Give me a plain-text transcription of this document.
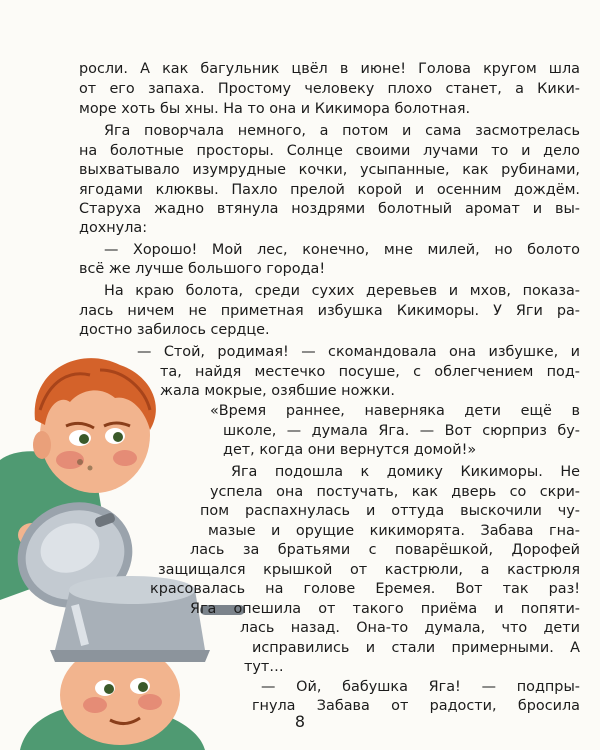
росли. А как багульник цвёл в июне! Голова кругом шла
от его запаха. Простому человеку плохо станет, а Кики-
море хоть бы хны. На то она и Кикимора болотная.
Яга поворчала немного, а потом и сама засмотрелась
на болотные просторы. Солнце своими лучами то и дело
выхватывало изумрудные кочки, усыпанные, как рубинами,
ягодами клюквы. Пахло прелой корой и осенним дождём.
Старуха жадно втянула ноздрями болотный аромат и вы-
дохнула:
— Хорошо! Мой лес, конечно, мне милей, но болото
всё же лучше большого города!
На краю болота, среди сухих деревьев и мхов, показа-
лась ничем не приметная избушка Кикиморы. У Яги ра-
достно забилось сердце.
— Стой, родимая! — скомандовала она избушке, и
та, найдя местечко посуше, с облегчением под-
жала мокрые, озябшие ножки.
«Время раннее, наверняка дети ещё в
школе, — думала Яга. — Вот сюрприз бу-
дет, когда они вернутся домой!»
Яга подошла к домику Кикиморы. Не
успела она постучать, как дверь со скри-
пом распахнулась и оттуда выскочили чу-
мазые и орущие кикиморята. Забава гна-
лась за братьями с поварёшкой, Дорофей
защищался крышкой от кастрюли, а кастрюля
красовалась на голове Еремея. Вот так раз!
Яга опешила от такого приёма и попяти-
лась назад. Она-то думала, что дети
исправились и стали примерными. А
тут…
— Ой, бабушка Яга! — подпры-
гнула Забава от радости, бросила
8
